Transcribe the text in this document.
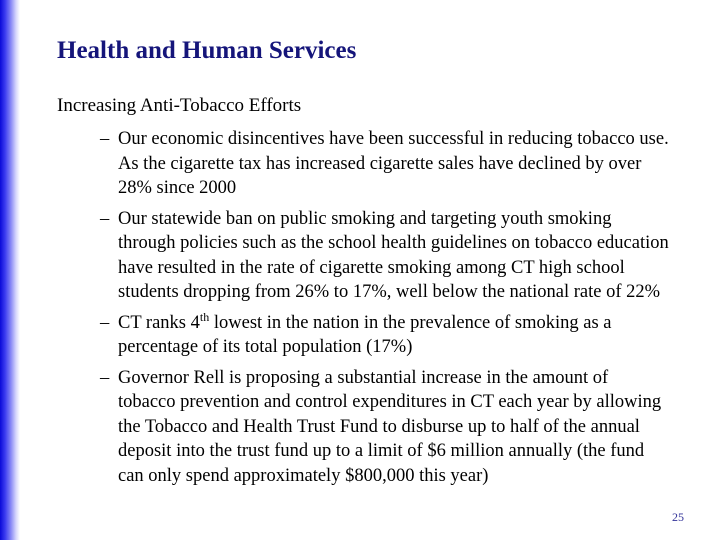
Health and Human Services
Increasing Anti-Tobacco Efforts
– Our economic disincentives have been successful in reducing tobacco use.
As the cigarette tax has increased cigarette sales have declined by over
28% since 2000
– Our statewide ban on public smoking and targeting youth smoking
through policies such as the school health guidelines on tobacco education
have resulted in the rate of cigarette smoking among CT high school
students dropping from 26% to 17%, well below the national rate of 22%
– CT ranks 4th lowest in the nation in the prevalence of smoking as a
percentage of its total population (17%)
– Governor Rell is proposing a substantial increase in the amount of
tobacco prevention and control expenditures in CT each year by allowing
the Tobacco and Health Trust Fund to disburse up to half of the annual
deposit into the trust fund up to a limit of $6 million annually (the fund
can only spend approximately $800,000 this year)
25
